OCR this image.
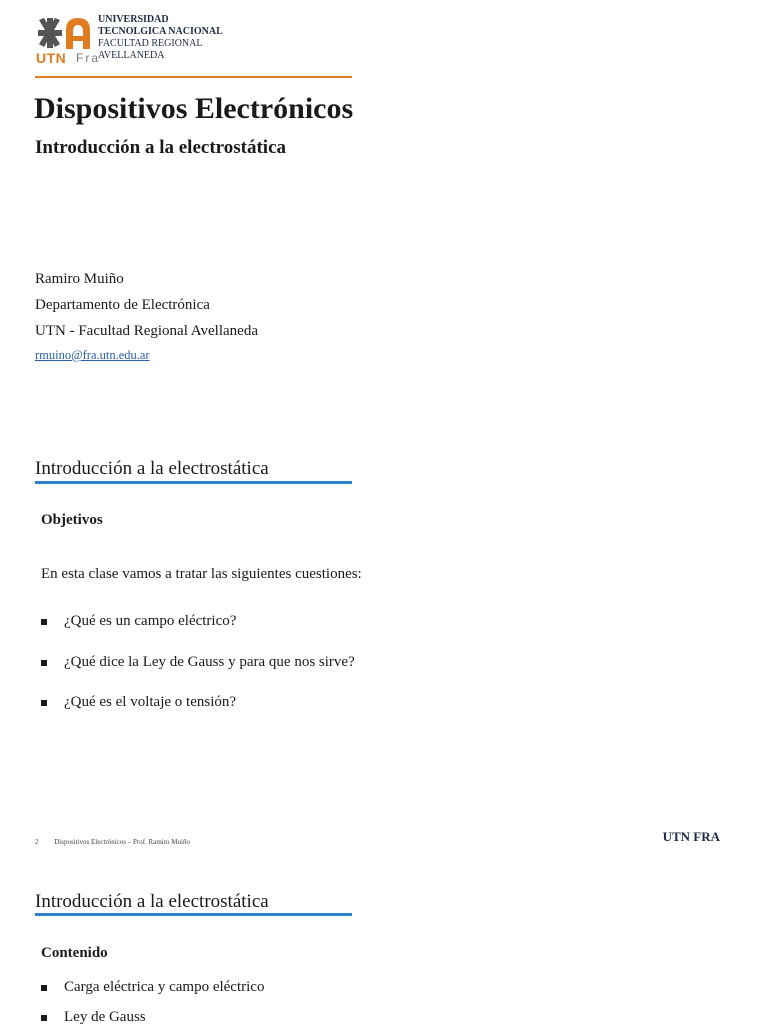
UTN Fra
UNIVERSIDAD
TECNOLGICA NACIONAL
FACULTAD REGIONAL
AVELLANEDA
Dispositivos Electrónicos
Introducción a la electrostática
Ramiro Muiño
Departamento de Electrónica
UTN - Facultad Regional Avellaneda
rmuino@fra.utn.edu.ar
Introducción a la electrostática
Objetivos
En esta clase vamos a tratar las siguientes cuestiones:
¿Qué es un campo eléctrico?
¿Qué dice la Ley de Gauss y para que nos sirve?
¿Qué es el voltaje o tensión?
2 Dispositivos Electrónicos – Prof. Ramiro Muiño	UTN FRA
Introducción a la electrostática
Contenido
Carga eléctrica y campo eléctrico
Ley de Gauss
